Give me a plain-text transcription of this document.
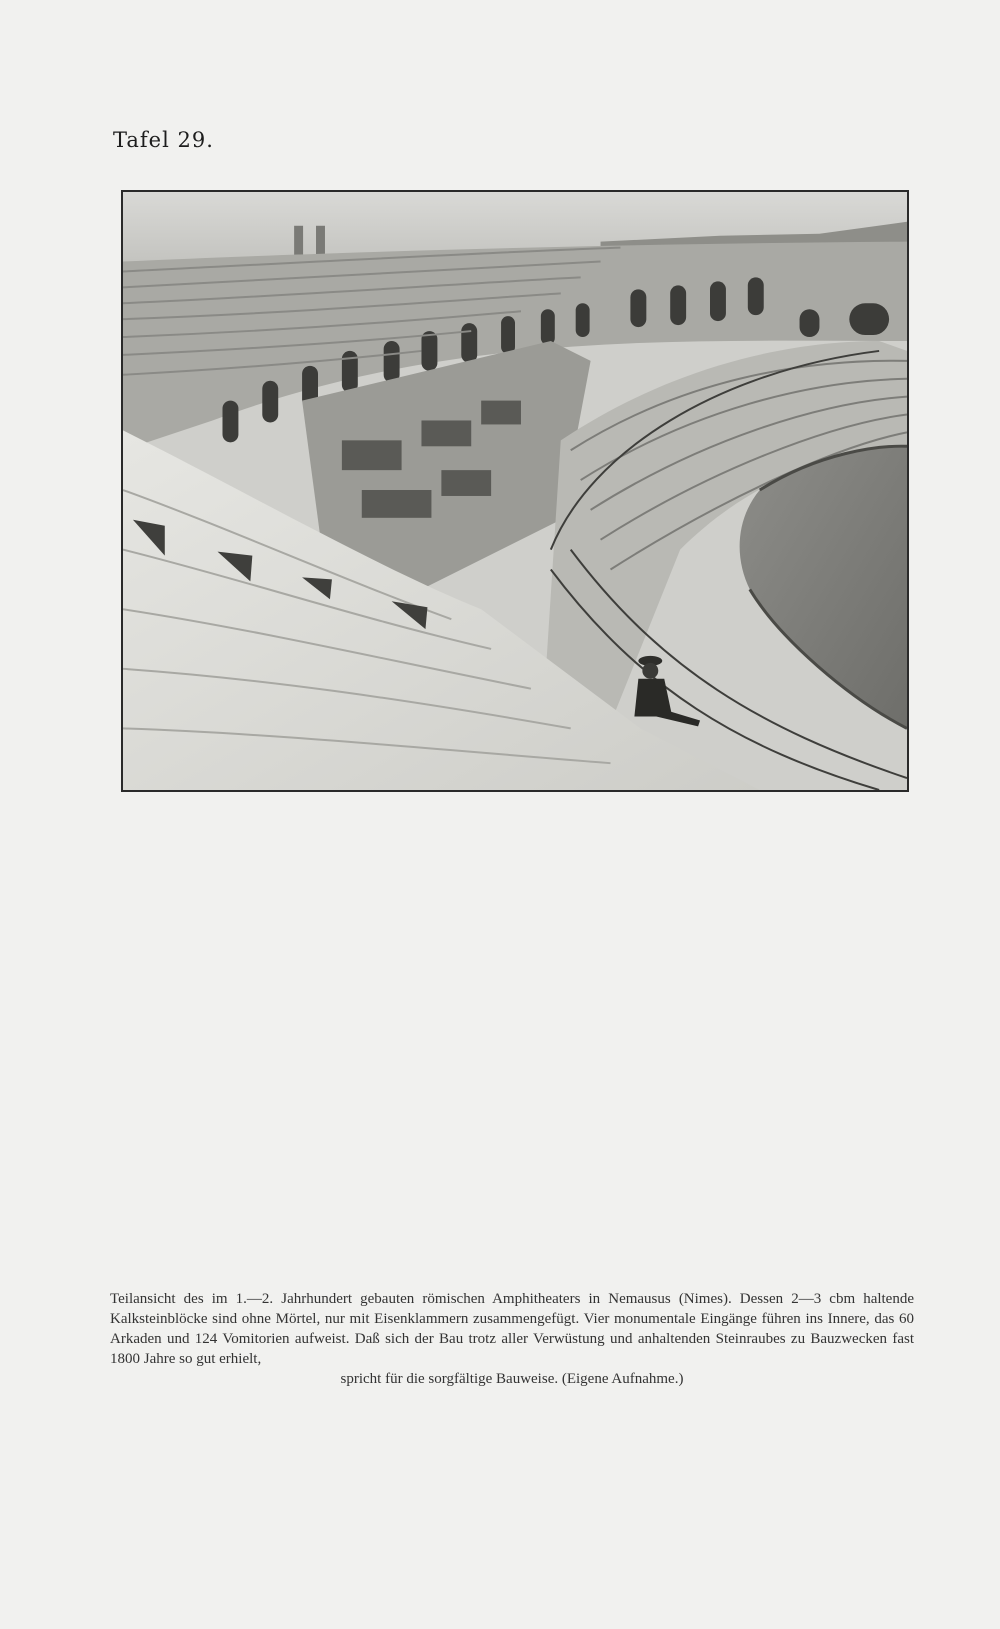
Tafel 29.
Teilansicht des im 1.—2. Jahrhundert gebauten römischen Amphitheaters in Nemausus (Nimes). Dessen 2—3 cbm haltende Kalksteinblöcke sind ohne Mörtel, nur mit Eisenklammern zusammengefügt. Vier monumentale Eingänge führen ins Innere, das 60 Arkaden und 124 Vomitorien aufweist. Daß sich der Bau trotz aller Verwüstung und anhaltenden Steinraubes zu Bauzwecken fast 1800 Jahre so gut erhielt,
spricht für die sorgfältige Bauweise. (Eigene Aufnahme.)
